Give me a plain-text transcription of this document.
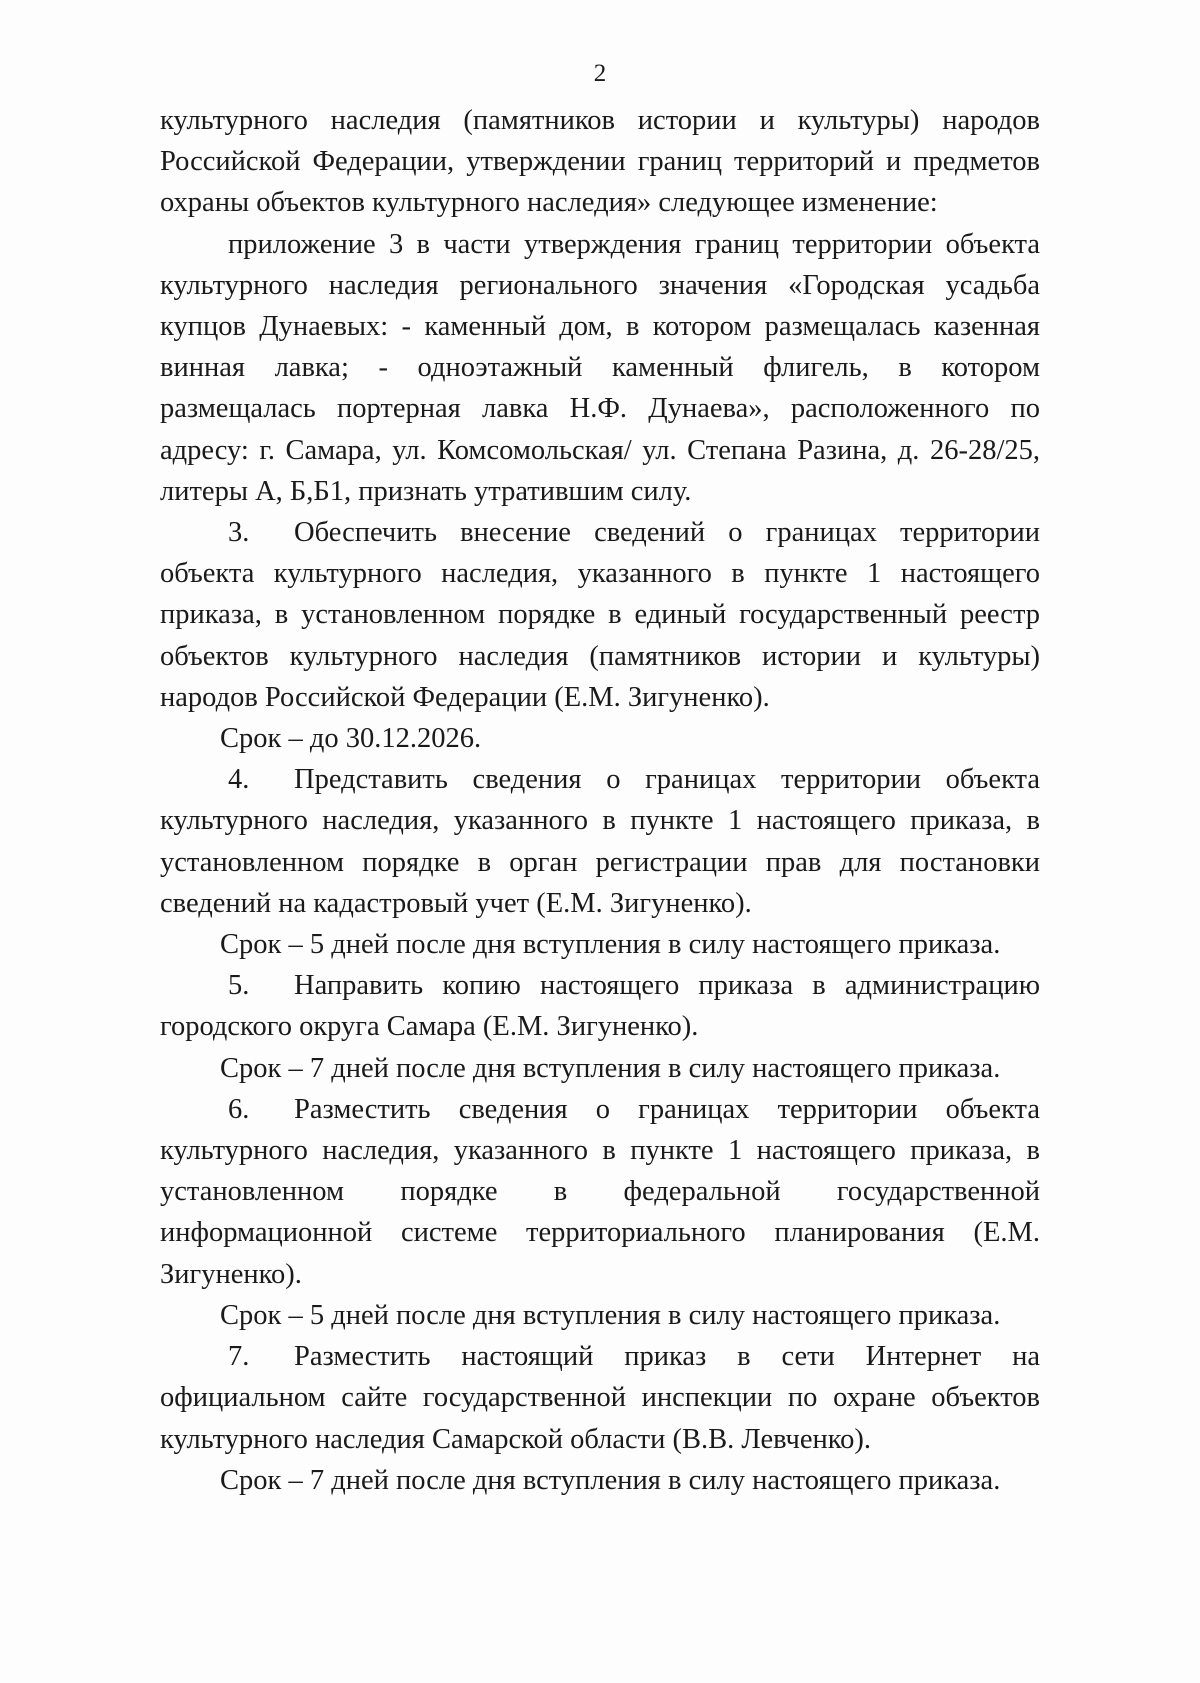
2

культурного наследия (памятников истории и культуры) народов Российской Федерации, утверждении границ территорий и предметов охраны объектов культурного наследия» следующее изменение:

приложение 3 в части утверждения границ территории объекта культурного наследия регионального значения «Городская усадьба купцов Дунаевых: - каменный дом, в котором размещалась казенная винная лавка; - одноэтажный каменный флигель, в котором размещалась портерная лавка Н.Ф. Дунаева», расположенного по адресу: г. Самара, ул. Комсомольская/ ул. Степана Разина, д. 26-28/25, литеры А, Б,Б1, признать утратившим силу.

3. Обеспечить внесение сведений о границах территории объекта культурного наследия, указанного в пункте 1 настоящего приказа, в установленном порядке в единый государственный реестр объектов культурного наследия (памятников истории и культуры) народов Российской Федерации (Е.М. Зигуненко).

Срок – до 30.12.2026.

4. Представить сведения о границах территории объекта культурного наследия, указанного в пункте 1 настоящего приказа, в установленном порядке в орган регистрации прав для постановки сведений на кадастровый учет (Е.М. Зигуненко).

Срок – 5 дней после дня вступления в силу настоящего приказа.

5. Направить копию настоящего приказа в администрацию городского округа Самара (Е.М. Зигуненко).

Срок – 7 дней после дня вступления в силу настоящего приказа.

6. Разместить сведения о границах территории объекта культурного наследия, указанного в пункте 1 настоящего приказа, в установленном порядке в федеральной государственной информационной системе территориального планирования (Е.М. Зигуненко).

Срок – 5 дней после дня вступления в силу настоящего приказа.

7. Разместить настоящий приказ в сети Интернет на официальном сайте государственной инспекции по охране объектов культурного наследия Самарской области (В.В. Левченко).

Срок – 7 дней после дня вступления в силу настоящего приказа.
